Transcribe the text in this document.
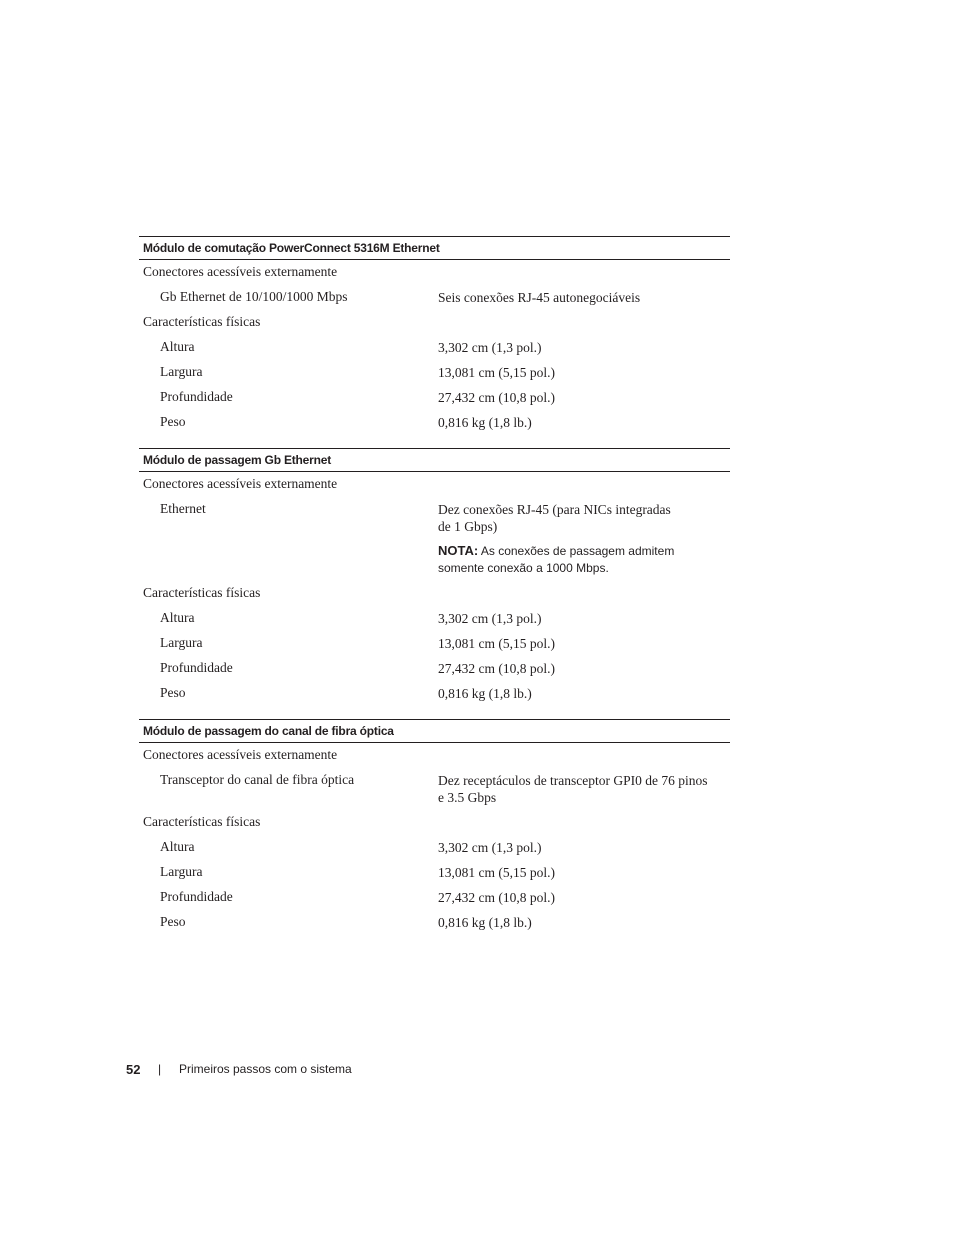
Módulo de comutação PowerConnect 5316M Ethernet
Conectores acessíveis externamente
Gb Ethernet de 10/100/1000 Mbps	Seis conexões RJ-45 autonegociáveis
Características físicas
Altura	3,302 cm (1,3 pol.)
Largura	13,081 cm (5,15 pol.)
Profundidade	27,432 cm (10,8 pol.)
Peso	0,816 kg (1,8 lb.)
Módulo de passagem Gb Ethernet
Conectores acessíveis externamente
Ethernet	Dez conexões RJ-45 (para NICs integradas
de 1 Gbps)
NOTA: As conexões de passagem admitem
somente conexão a 1000 Mbps.
Características físicas
Altura	3,302 cm (1,3 pol.)
Largura	13,081 cm (5,15 pol.)
Profundidade	27,432 cm (10,8 pol.)
Peso	0,816 kg (1,8 lb.)
Módulo de passagem do canal de fibra óptica
Conectores acessíveis externamente
Transceptor do canal de fibra óptica	Dez receptáculos de transceptor GPI0 de 76 pinos
e 3.5 Gbps
Características físicas
Altura	3,302 cm (1,3 pol.)
Largura	13,081 cm (5,15 pol.)
Profundidade	27,432 cm (10,8 pol.)
Peso	0,816 kg (1,8 lb.)
52 | Primeiros passos com o sistema
